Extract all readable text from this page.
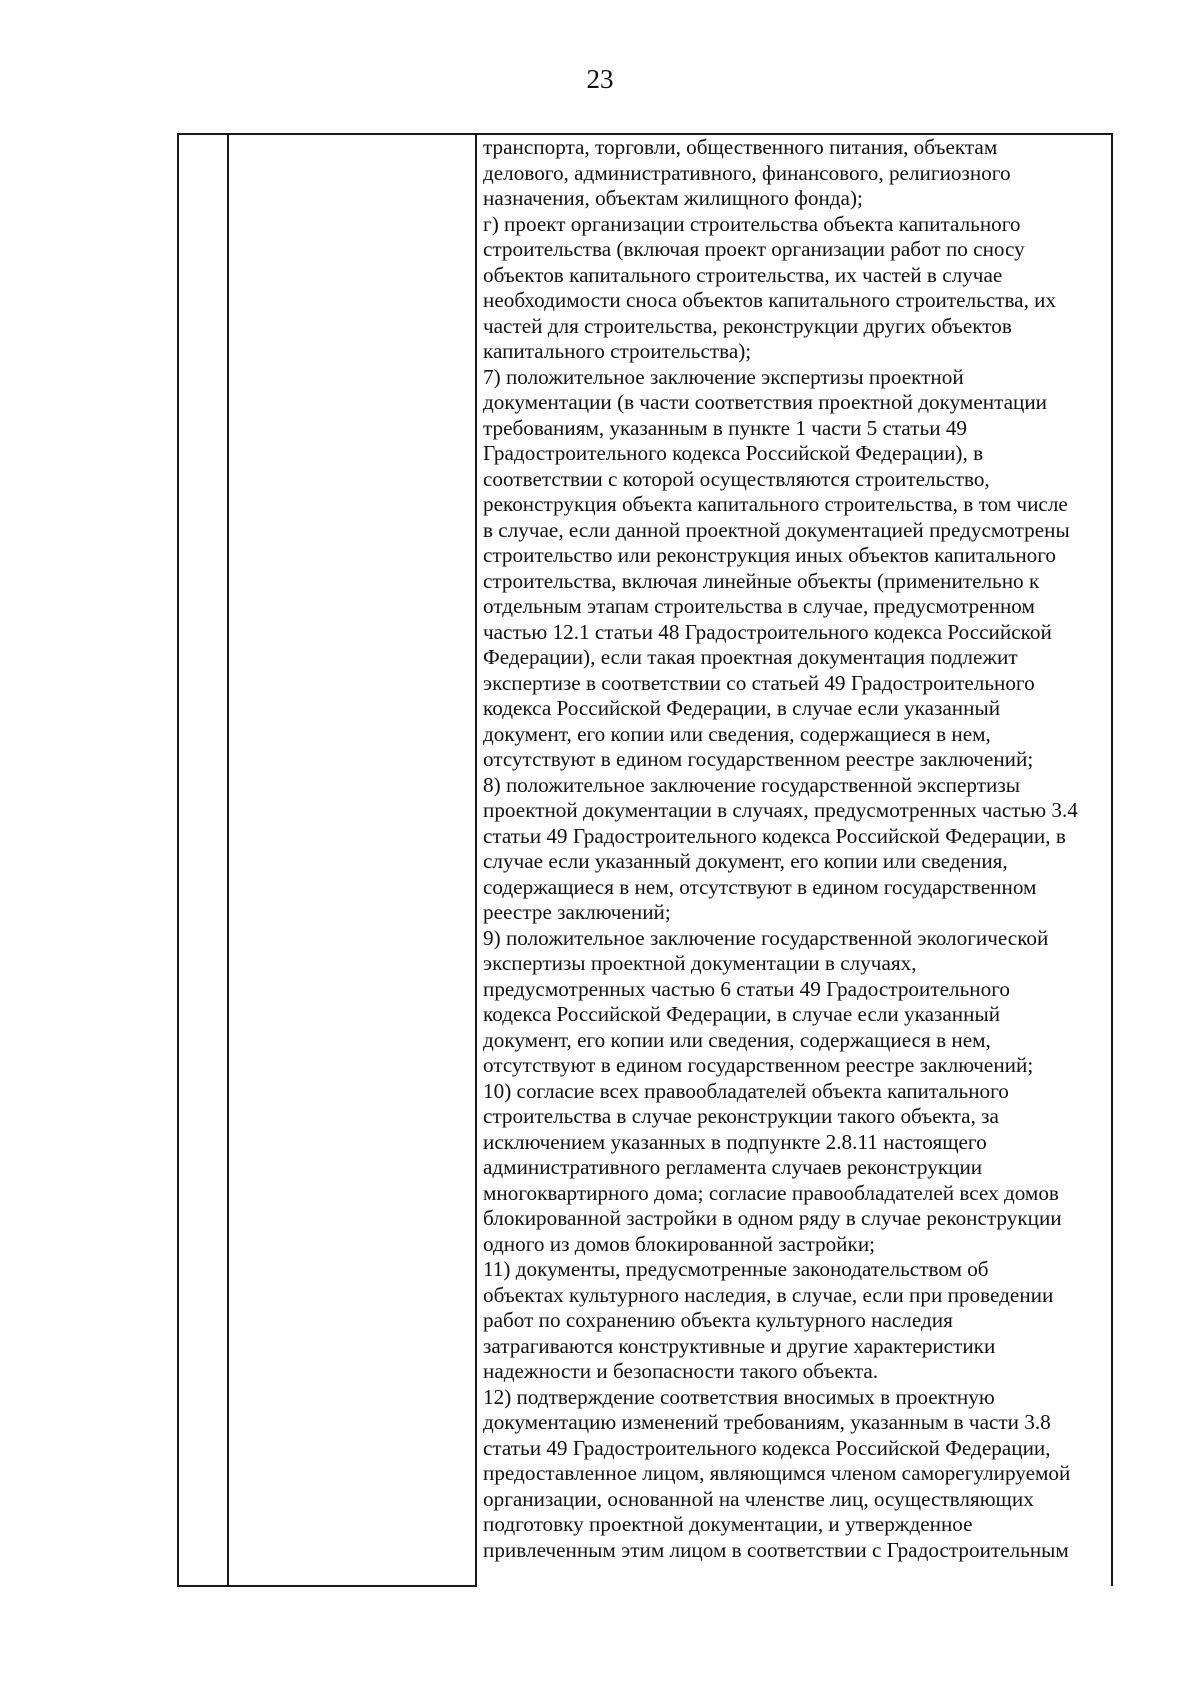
23
транспорта, торговли, общественного питания, объектам
делового, административного, финансового, религиозного
назначения, объектам жилищного фонда);
г) проект организации строительства объекта капитального
строительства (включая проект организации работ по сносу
объектов капитального строительства, их частей в случае
необходимости сноса объектов капитального строительства, их
частей для строительства, реконструкции других объектов
капитального строительства);
7) положительное заключение экспертизы проектной
документации (в части соответствия проектной документации
требованиям, указанным в пункте 1 части 5 статьи 49
Градостроительного кодекса Российской Федерации), в
соответствии с которой осуществляются строительство,
реконструкция объекта капитального строительства, в том числе
в случае, если данной проектной документацией предусмотрены
строительство или реконструкция иных объектов капитального
строительства, включая линейные объекты (применительно к
отдельным этапам строительства в случае, предусмотренном
частью 12.1 статьи 48 Градостроительного кодекса Российской
Федерации), если такая проектная документация подлежит
экспертизе в соответствии со статьей 49 Градостроительного
кодекса Российской Федерации, в случае если указанный
документ, его копии или сведения, содержащиеся в нем,
отсутствуют в едином государственном реестре заключений;
8) положительное заключение государственной экспертизы
проектной документации в случаях, предусмотренных частью 3.4
статьи 49 Градостроительного кодекса Российской Федерации, в
случае если указанный документ, его копии или сведения,
содержащиеся в нем, отсутствуют в едином государственном
реестре заключений;
9) положительное заключение государственной экологической
экспертизы проектной документации в случаях,
предусмотренных частью 6 статьи 49 Градостроительного
кодекса Российской Федерации, в случае если указанный
документ, его копии или сведения, содержащиеся в нем,
отсутствуют в едином государственном реестре заключений;
10) согласие всех правообладателей объекта капитального
строительства в случае реконструкции такого объекта, за
исключением указанных в подпункте 2.8.11 настоящего
административного регламента случаев реконструкции
многоквартирного дома; согласие правообладателей всех домов
блокированной застройки в одном ряду в случае реконструкции
одного из домов блокированной застройки;
11) документы, предусмотренные законодательством об
объектах культурного наследия, в случае, если при проведении
работ по сохранению объекта культурного наследия
затрагиваются конструктивные и другие характеристики
надежности и безопасности такого объекта.
12) подтверждение соответствия вносимых в проектную
документацию изменений требованиям, указанным в части 3.8
статьи 49 Градостроительного кодекса Российской Федерации,
предоставленное лицом, являющимся членом саморегулируемой
организации, основанной на членстве лиц, осуществляющих
подготовку проектной документации, и утвержденное
привлеченным этим лицом в соответствии с Градостроительным
